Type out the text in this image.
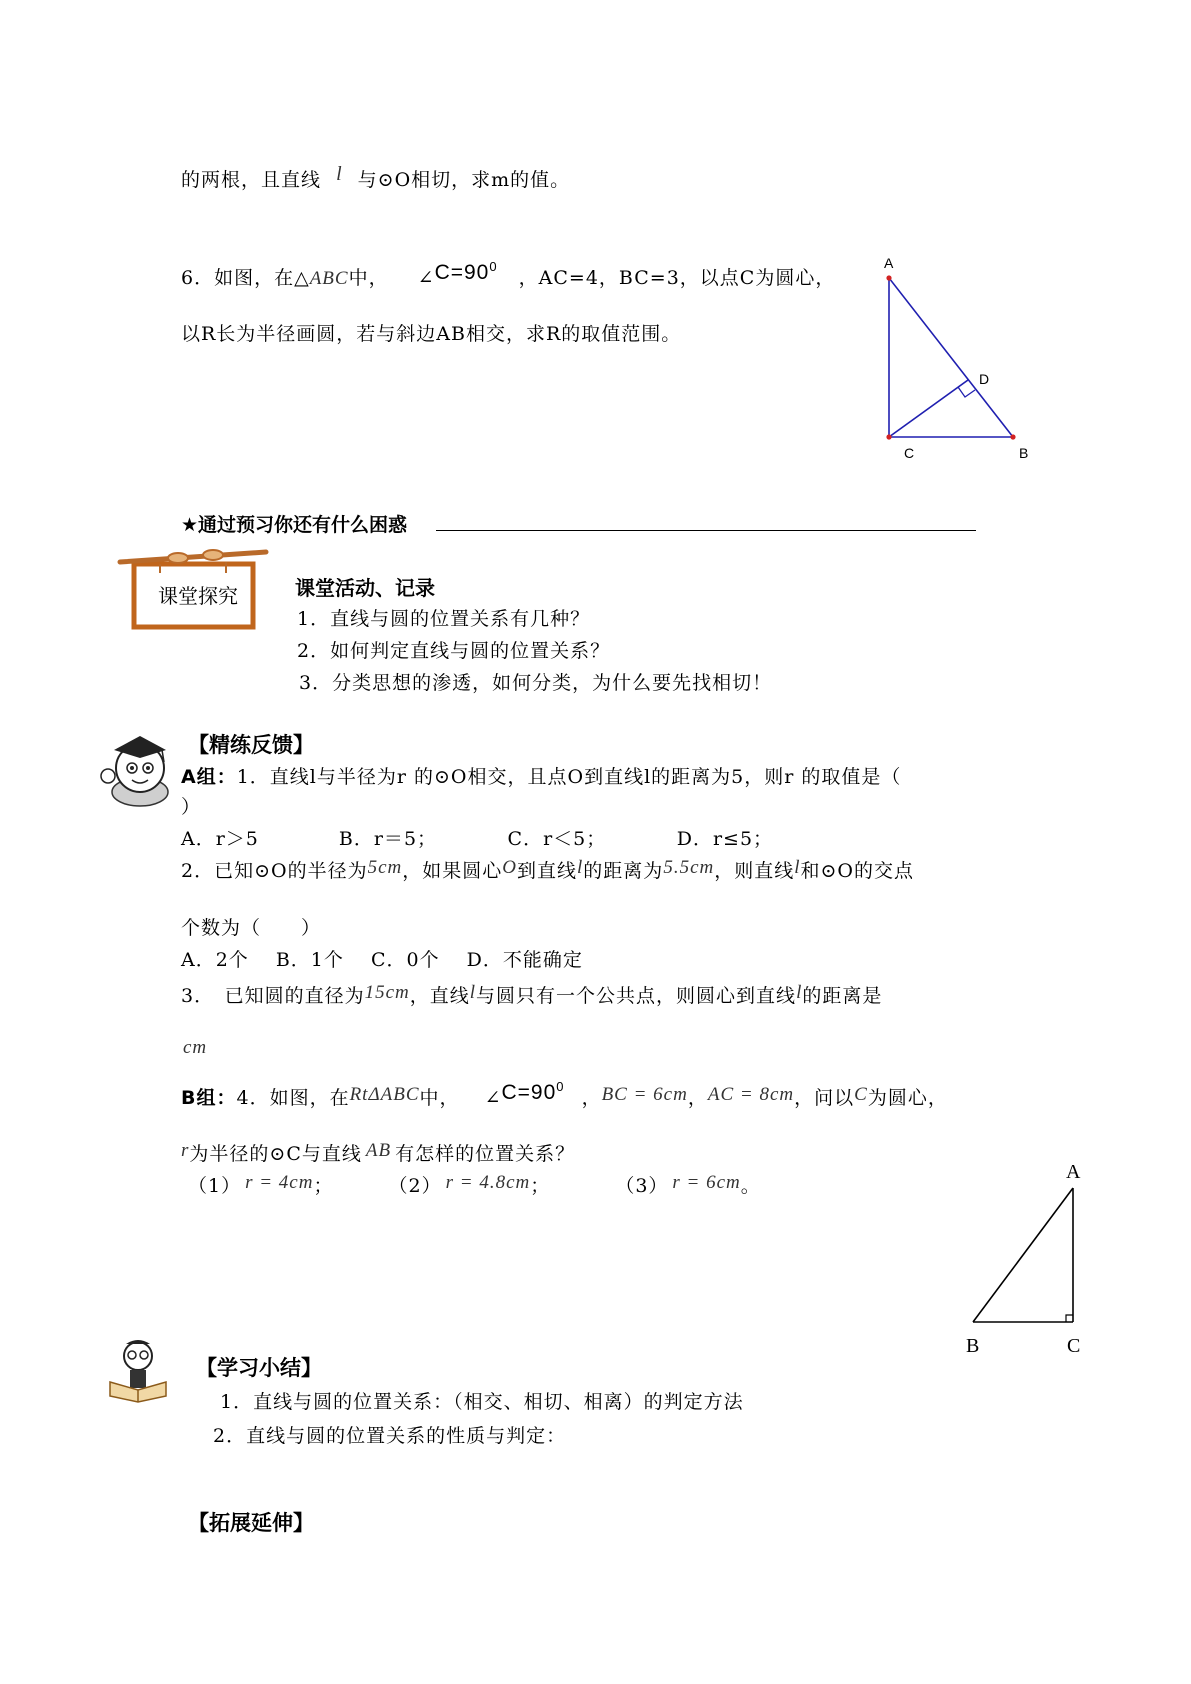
的两根，且直线 l 与⊙O相切，求m的值。
6．如图，在△ABC中， $\angle C=90^0$ ，AC=4，BC=3，以点C为圆心，
以R长为半径画圆，若与斜边AB相交，求R的取值范围。
A
D
C	B
★通过预习你还有什么困惑
课堂探究	课堂活动、记录
1．直线与圆的位置关系有几种？
2．如何判定直线与圆的位置关系？
3．分类思想的渗透，如何分类，为什么要先找相切！
【精练反馈】
A组：1．直线l与半径为r 的⊙O相交，且点O到直线l的距离为5，则r 的取值是（
）
A．r＞5　　　　B．r＝5；　　　　C．r＜5；　　　　D．r≤5；
2．已知⊙O的半径为5cm，如果圆心O到直线l的距离为5.5cm，则直线l和⊙O的交点
个数为（　　）
A．2个　 B．1个　 C．0个　 D．不能确定
3．　已知圆的直径为15cm，直线l与圆只有一个公共点，则圆心到直线l的距离是
cm
B组：4．如图，在RtΔABC中， $\angle C=90^0$ ，BC = 6cm，AC = 8cm，问以C为圆心，
r为半径的⊙C与直线 AB 有怎样的位置关系？
（1） r = 4cm；	（2） r = 4.8cm；	（3） r = 6cm。
A
B	C
【学习小结】
1．直线与圆的位置关系：（相交、相切、相离）的判定方法
2．直线与圆的位置关系的性质与判定：
【拓展延伸】
